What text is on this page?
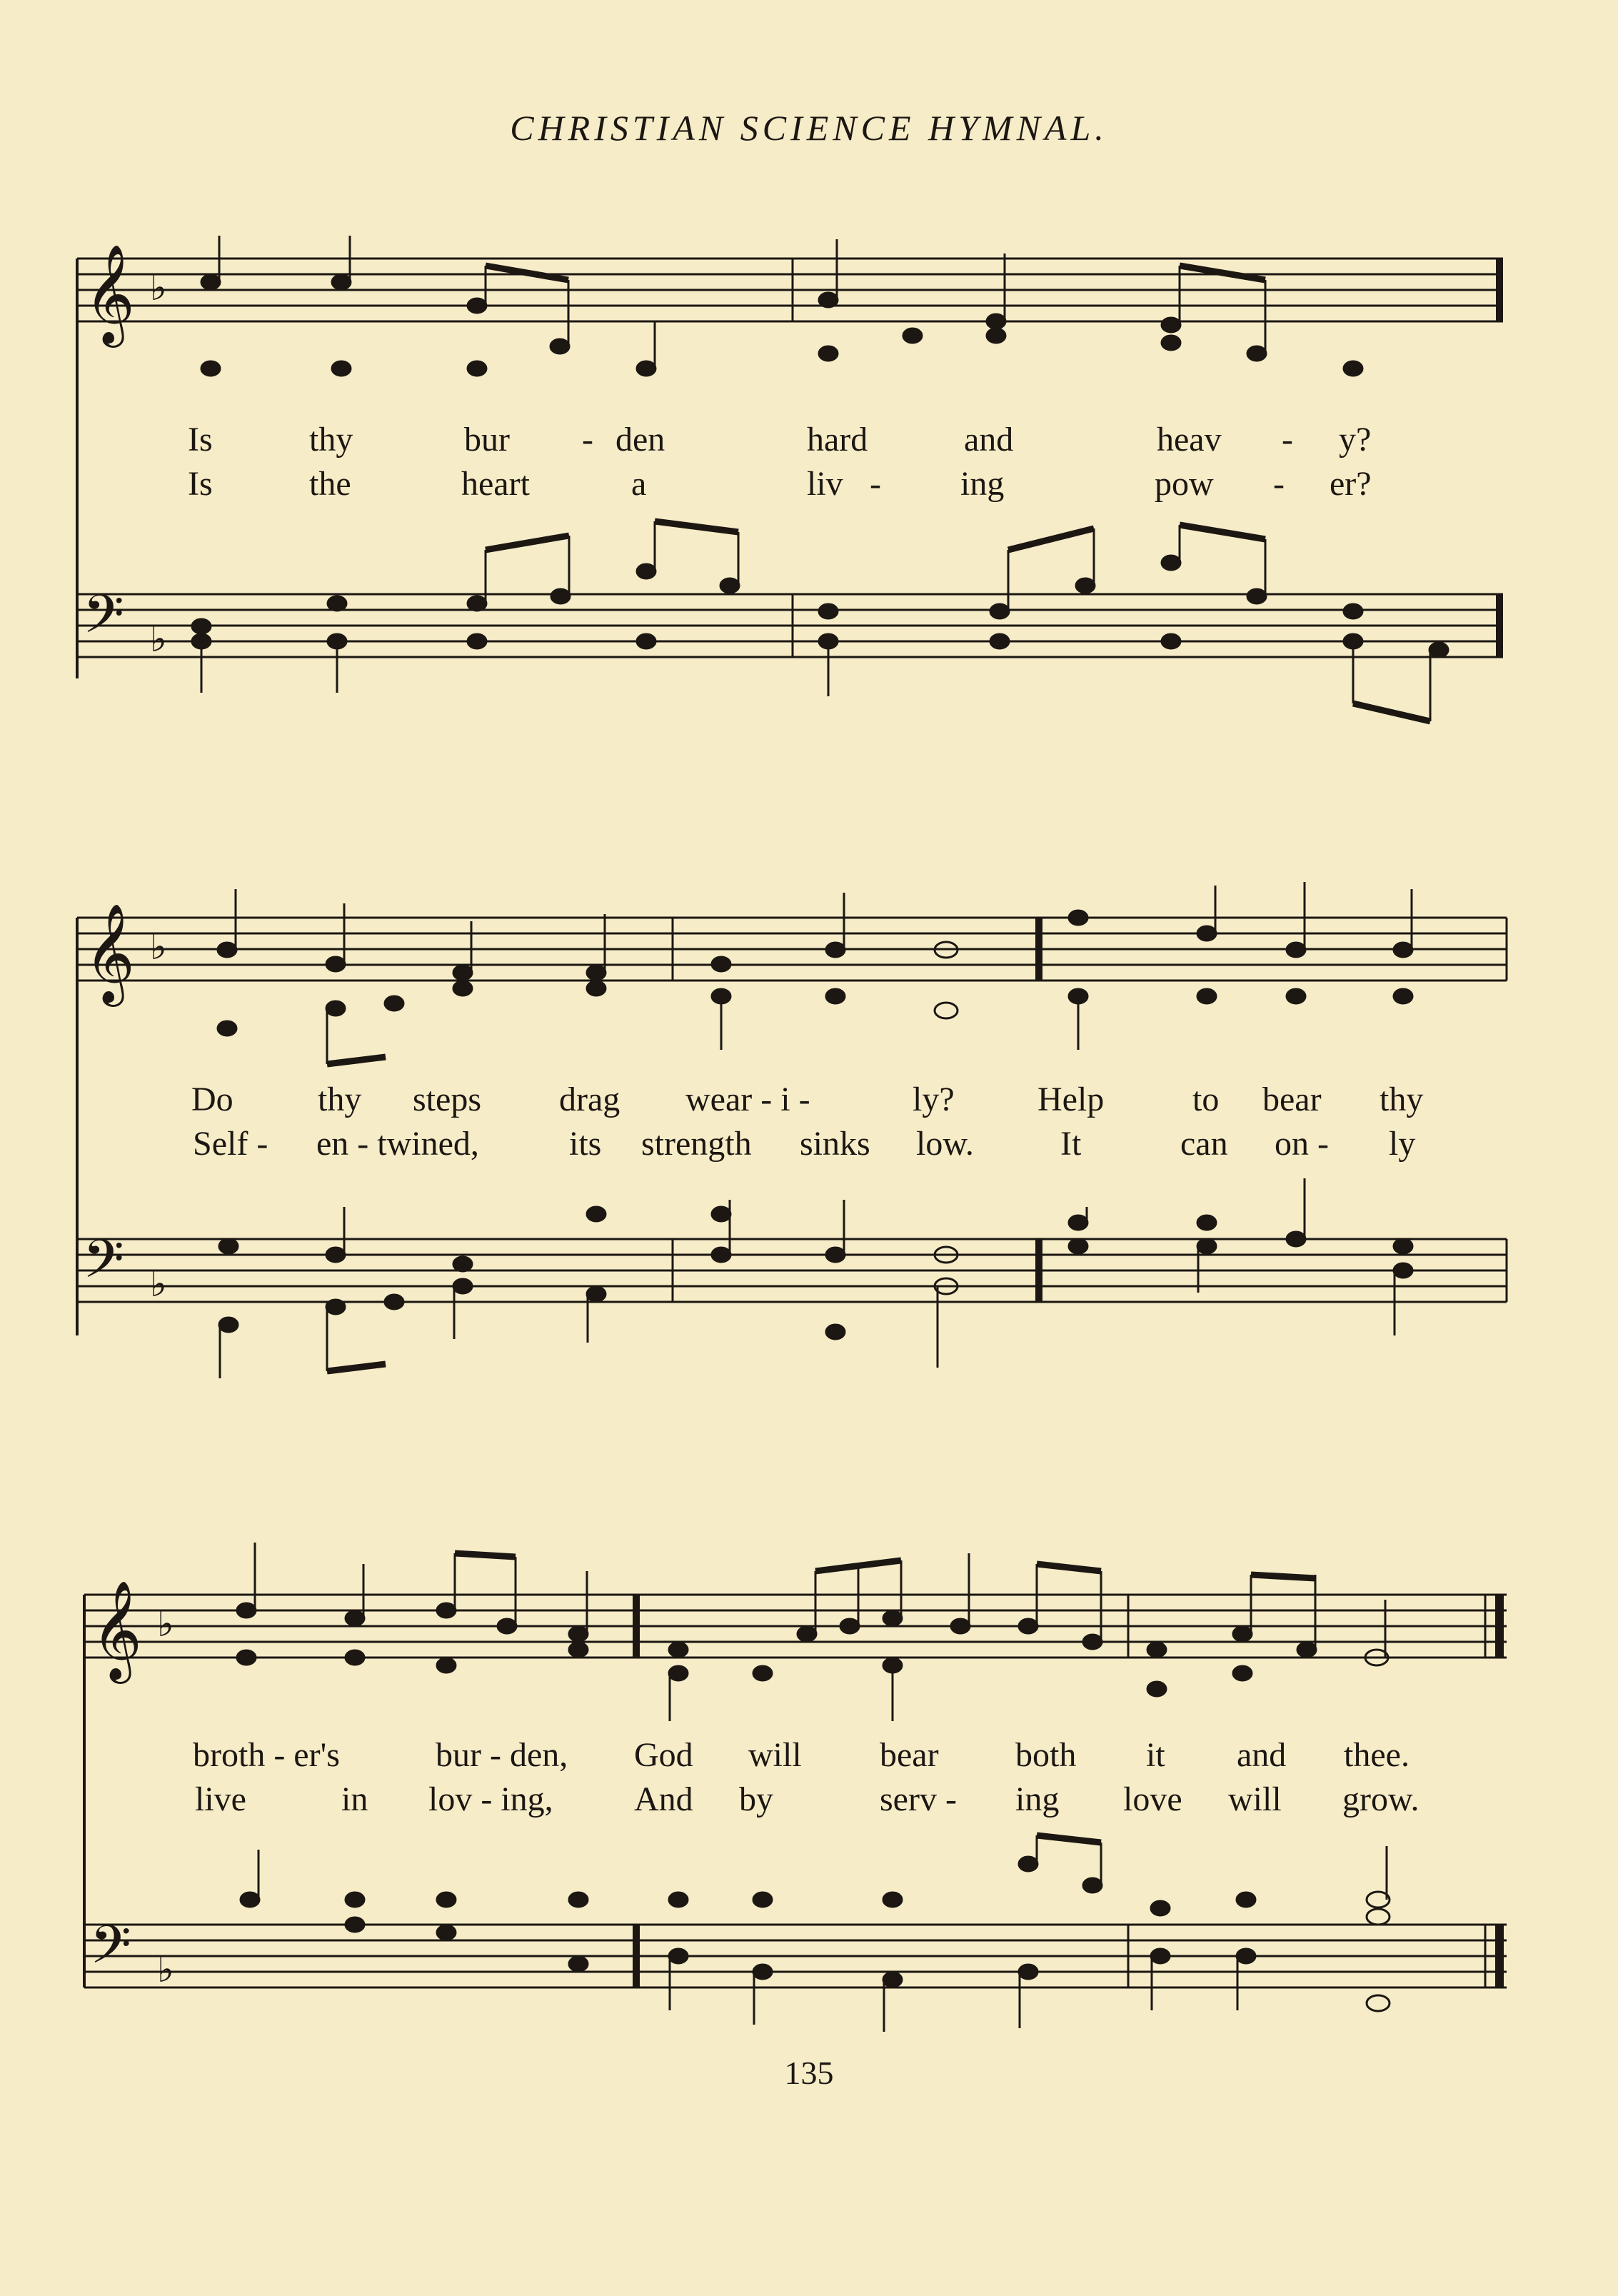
CHRISTIAN SCIENCE HYMNAL.
𝄞
𝄢
♭
♭
Is	thy	bur - den	hard	and	heav - y?
Is	the	heart	a	liv - ing	pow - er?
𝄞
𝄢
♭
♭
Do thy steps drag wear - i -	ly? Help	to bear thy
Self - en - twined,	its strength sinks low.	It	can on - ly
𝄞
𝄢
♭
♭
broth - er's	bur - den, God will bear both it and thee.
live	in lov - ing, And by	serv - ing love will grow.
135
